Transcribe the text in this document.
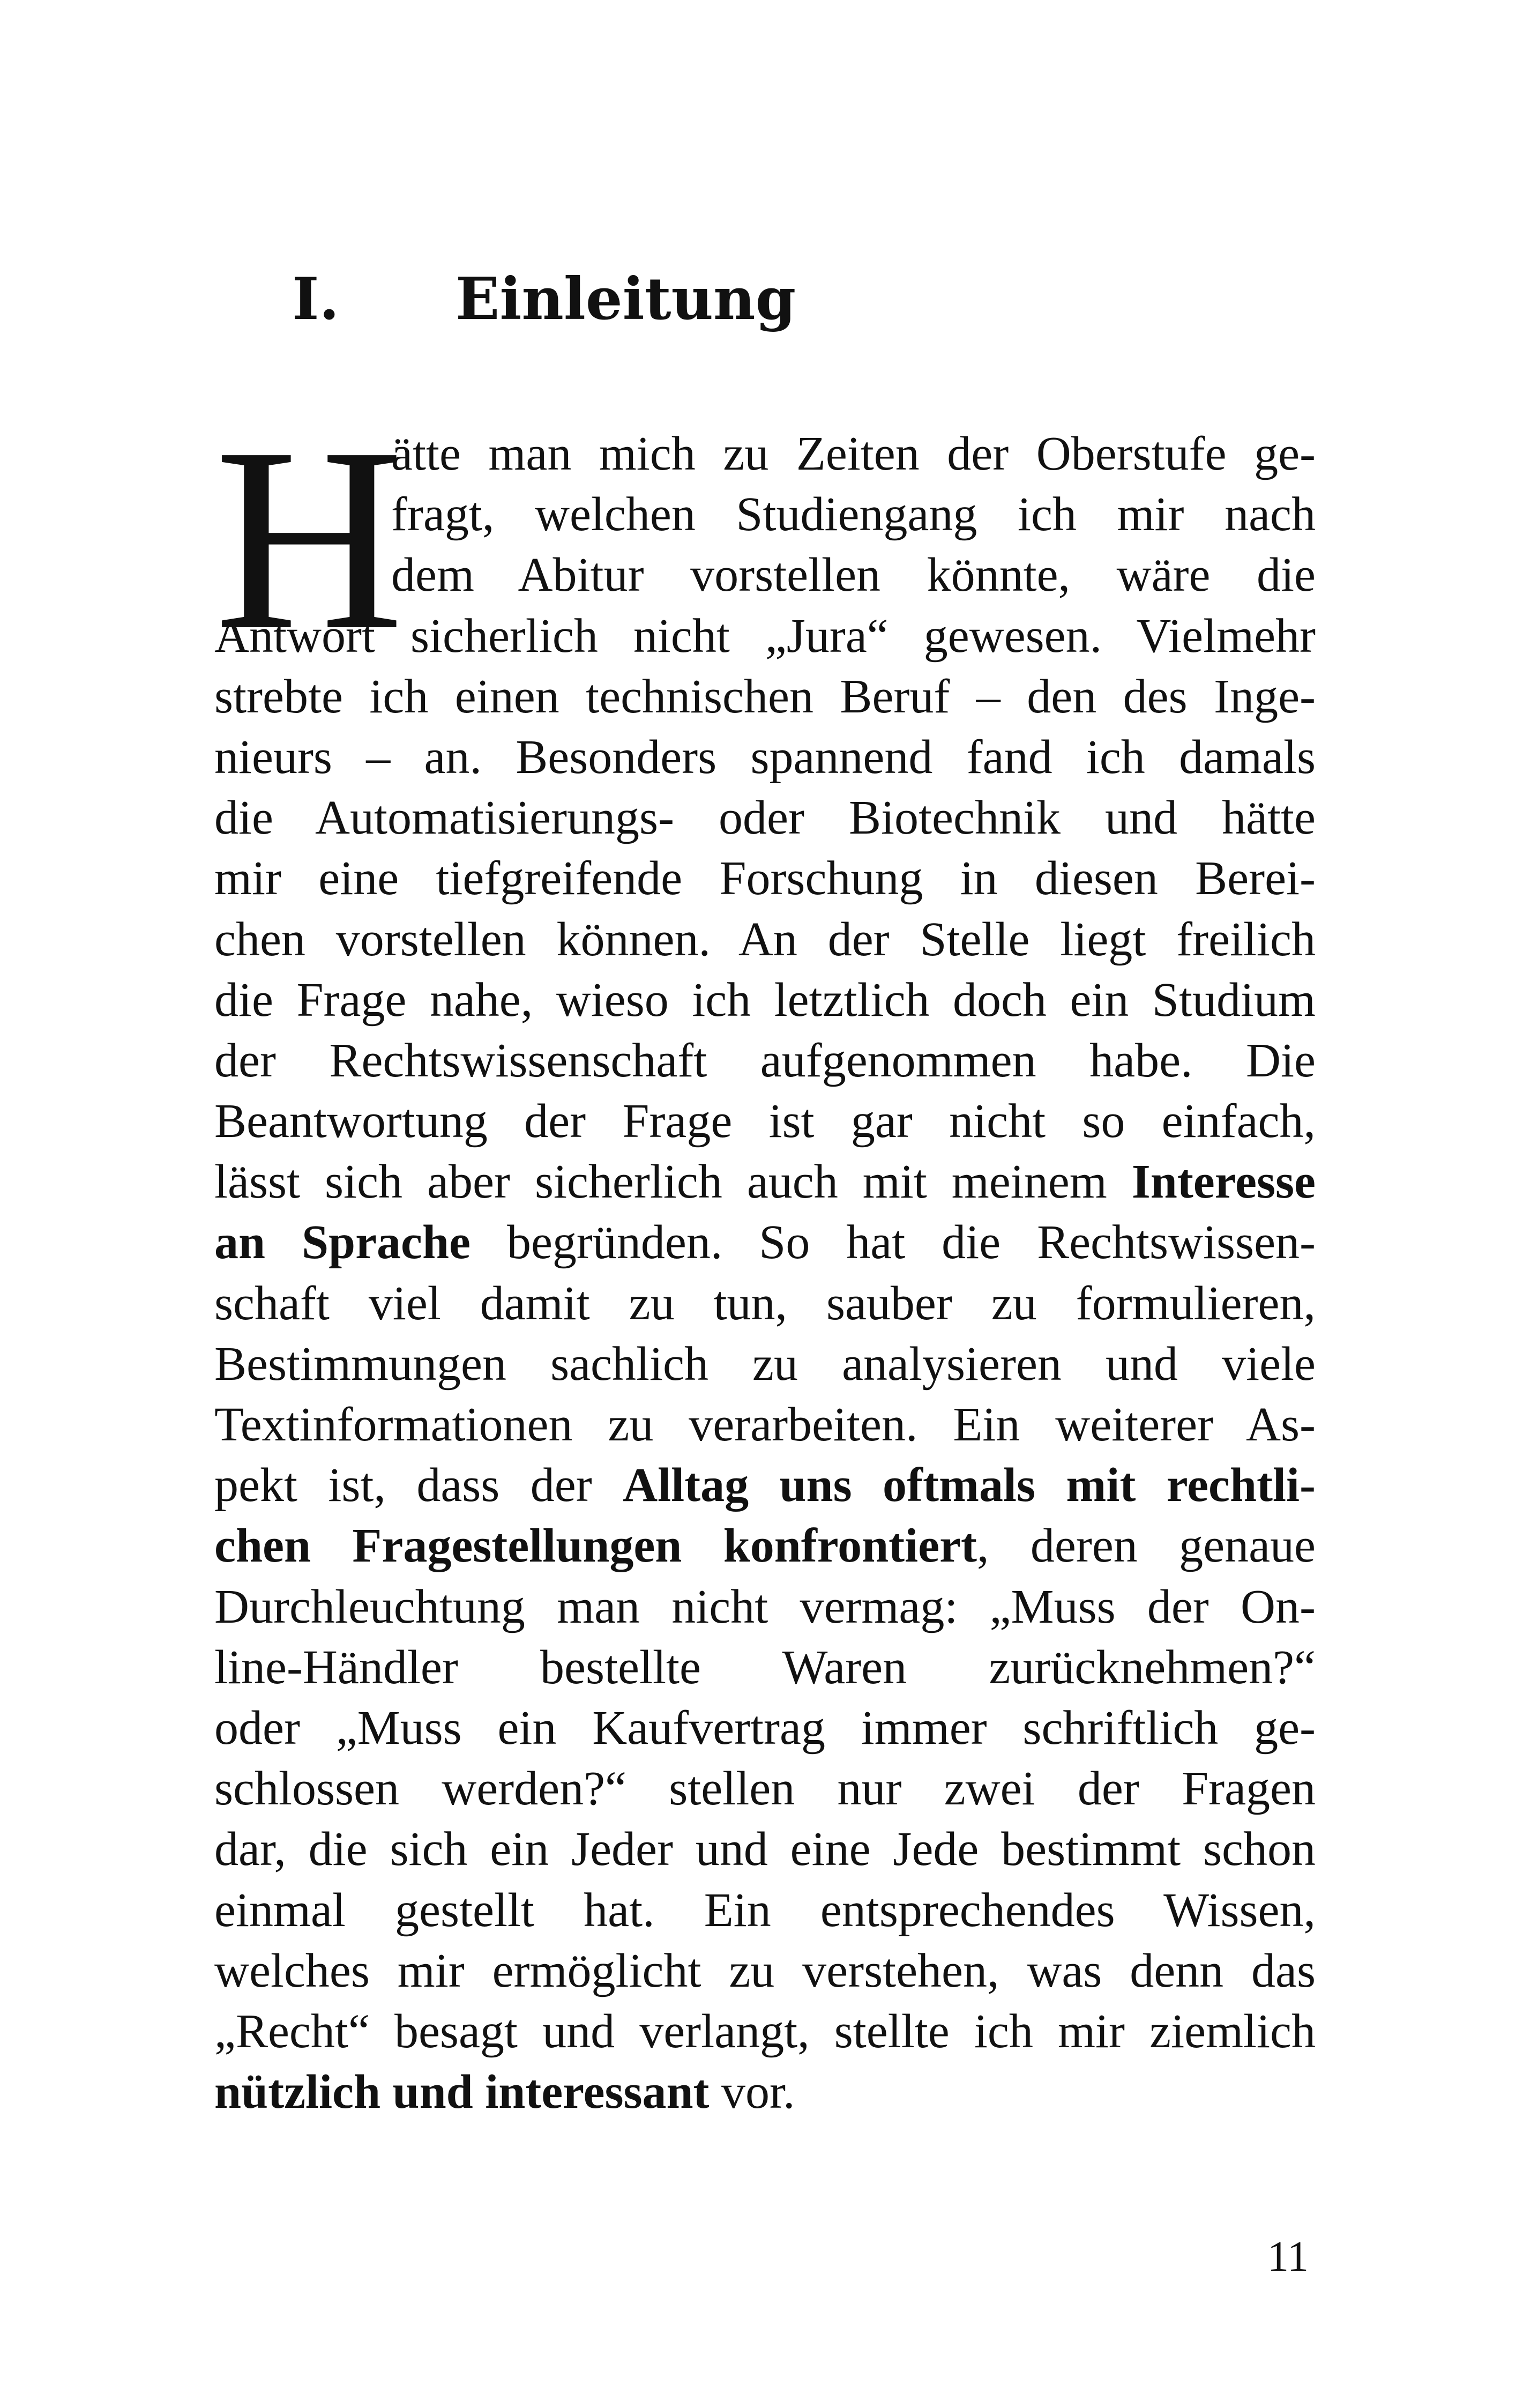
I. Einleitung
H
ätte man mich zu Zeiten der Oberstufe ge-
fragt, welchen Studiengang ich mir nach
dem Abitur vorstellen könnte, wäre die
Antwort sicherlich nicht „Jura“ gewesen. Vielmehr
strebte ich einen technischen Beruf – den des Inge-
nieurs – an. Besonders spannend fand ich damals
die Automatisierungs- oder Biotechnik und hätte
mir eine tiefgreifende Forschung in diesen Berei-
chen vorstellen können. An der Stelle liegt freilich
die Frage nahe, wieso ich letztlich doch ein Studium
der Rechtswissenschaft aufgenommen habe. Die
Beantwortung der Frage ist gar nicht so einfach,
lässt sich aber sicherlich auch mit meinem Interesse
an Sprache begründen. So hat die Rechtswissen-
schaft viel damit zu tun, sauber zu formulieren,
Bestimmungen sachlich zu analysieren und viele
Textinformationen zu verarbeiten. Ein weiterer As-
pekt ist, dass der Alltag uns oftmals mit rechtli-
chen Fragestellungen konfrontiert, deren genaue
Durchleuchtung man nicht vermag: „Muss der On-
line-Händler bestellte Waren zurücknehmen?“
oder „Muss ein Kaufvertrag immer schriftlich ge-
schlossen werden?“ stellen nur zwei der Fragen
dar, die sich ein Jeder und eine Jede bestimmt schon
einmal gestellt hat. Ein entsprechendes Wissen,
welches mir ermöglicht zu verstehen, was denn das
„Recht“ besagt und verlangt, stellte ich mir ziemlich
nützlich und interessant vor.
11
